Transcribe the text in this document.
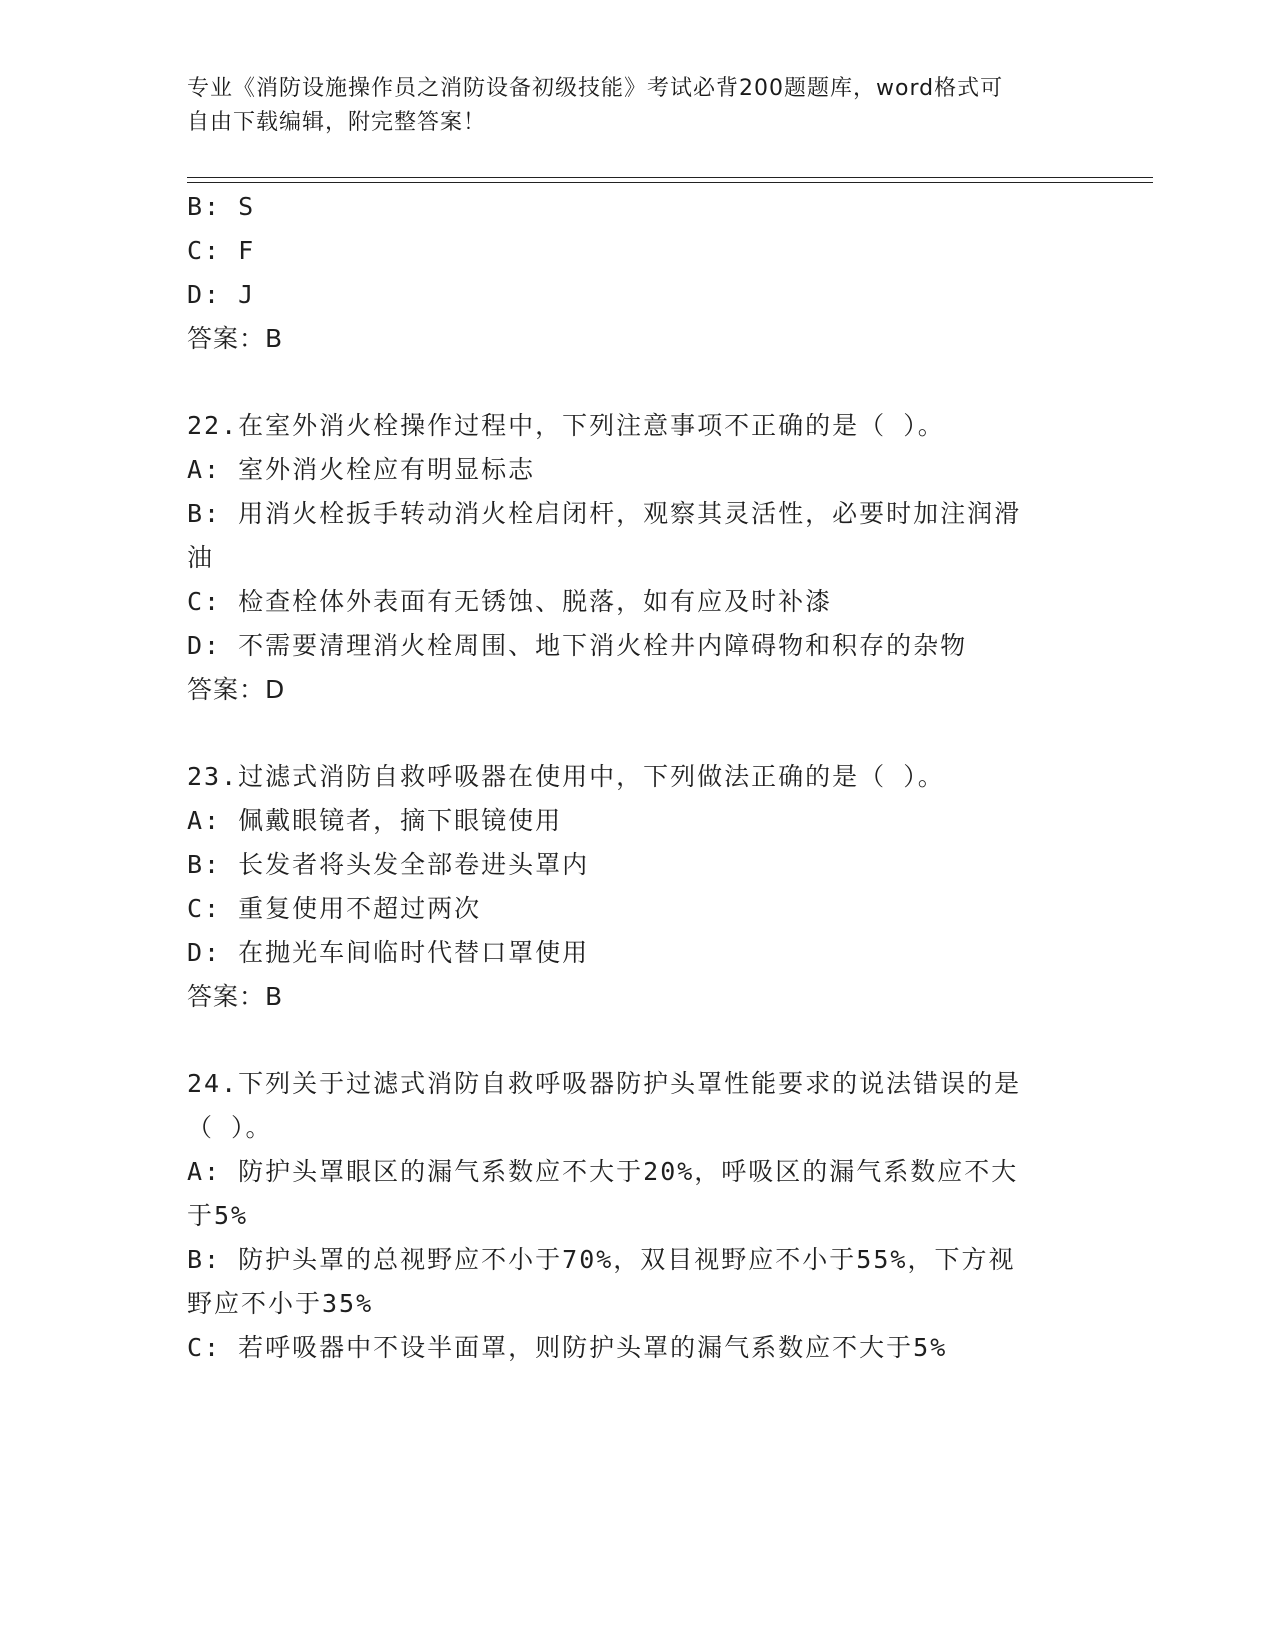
专业《消防设施操作员之消防设备初级技能》考试必背200题题库，word格式可
自由下载编辑，附完整答案！
B: S
C: F
D: J
答案：B
22.在室外消火栓操作过程中，下列注意事项不正确的是（ ）。
A: 室外消火栓应有明显标志
B: 用消火栓扳手转动消火栓启闭杆，观察其灵活性，必要时加注润滑
油
C: 检查栓体外表面有无锈蚀、脱落，如有应及时补漆
D: 不需要清理消火栓周围、地下消火栓井内障碍物和积存的杂物
答案：D
23.过滤式消防自救呼吸器在使用中，下列做法正确的是（ ）。
A: 佩戴眼镜者，摘下眼镜使用
B: 长发者将头发全部卷进头罩内
C: 重复使用不超过两次
D: 在抛光车间临时代替口罩使用
答案：B
24.下列关于过滤式消防自救呼吸器防护头罩性能要求的说法错误的是
（ ）。
A: 防护头罩眼区的漏气系数应不大于20%，呼吸区的漏气系数应不大
于5%
B: 防护头罩的总视野应不小于70%，双目视野应不小于55%，下方视
野应不小于35%
C: 若呼吸器中不设半面罩，则防护头罩的漏气系数应不大于5%
